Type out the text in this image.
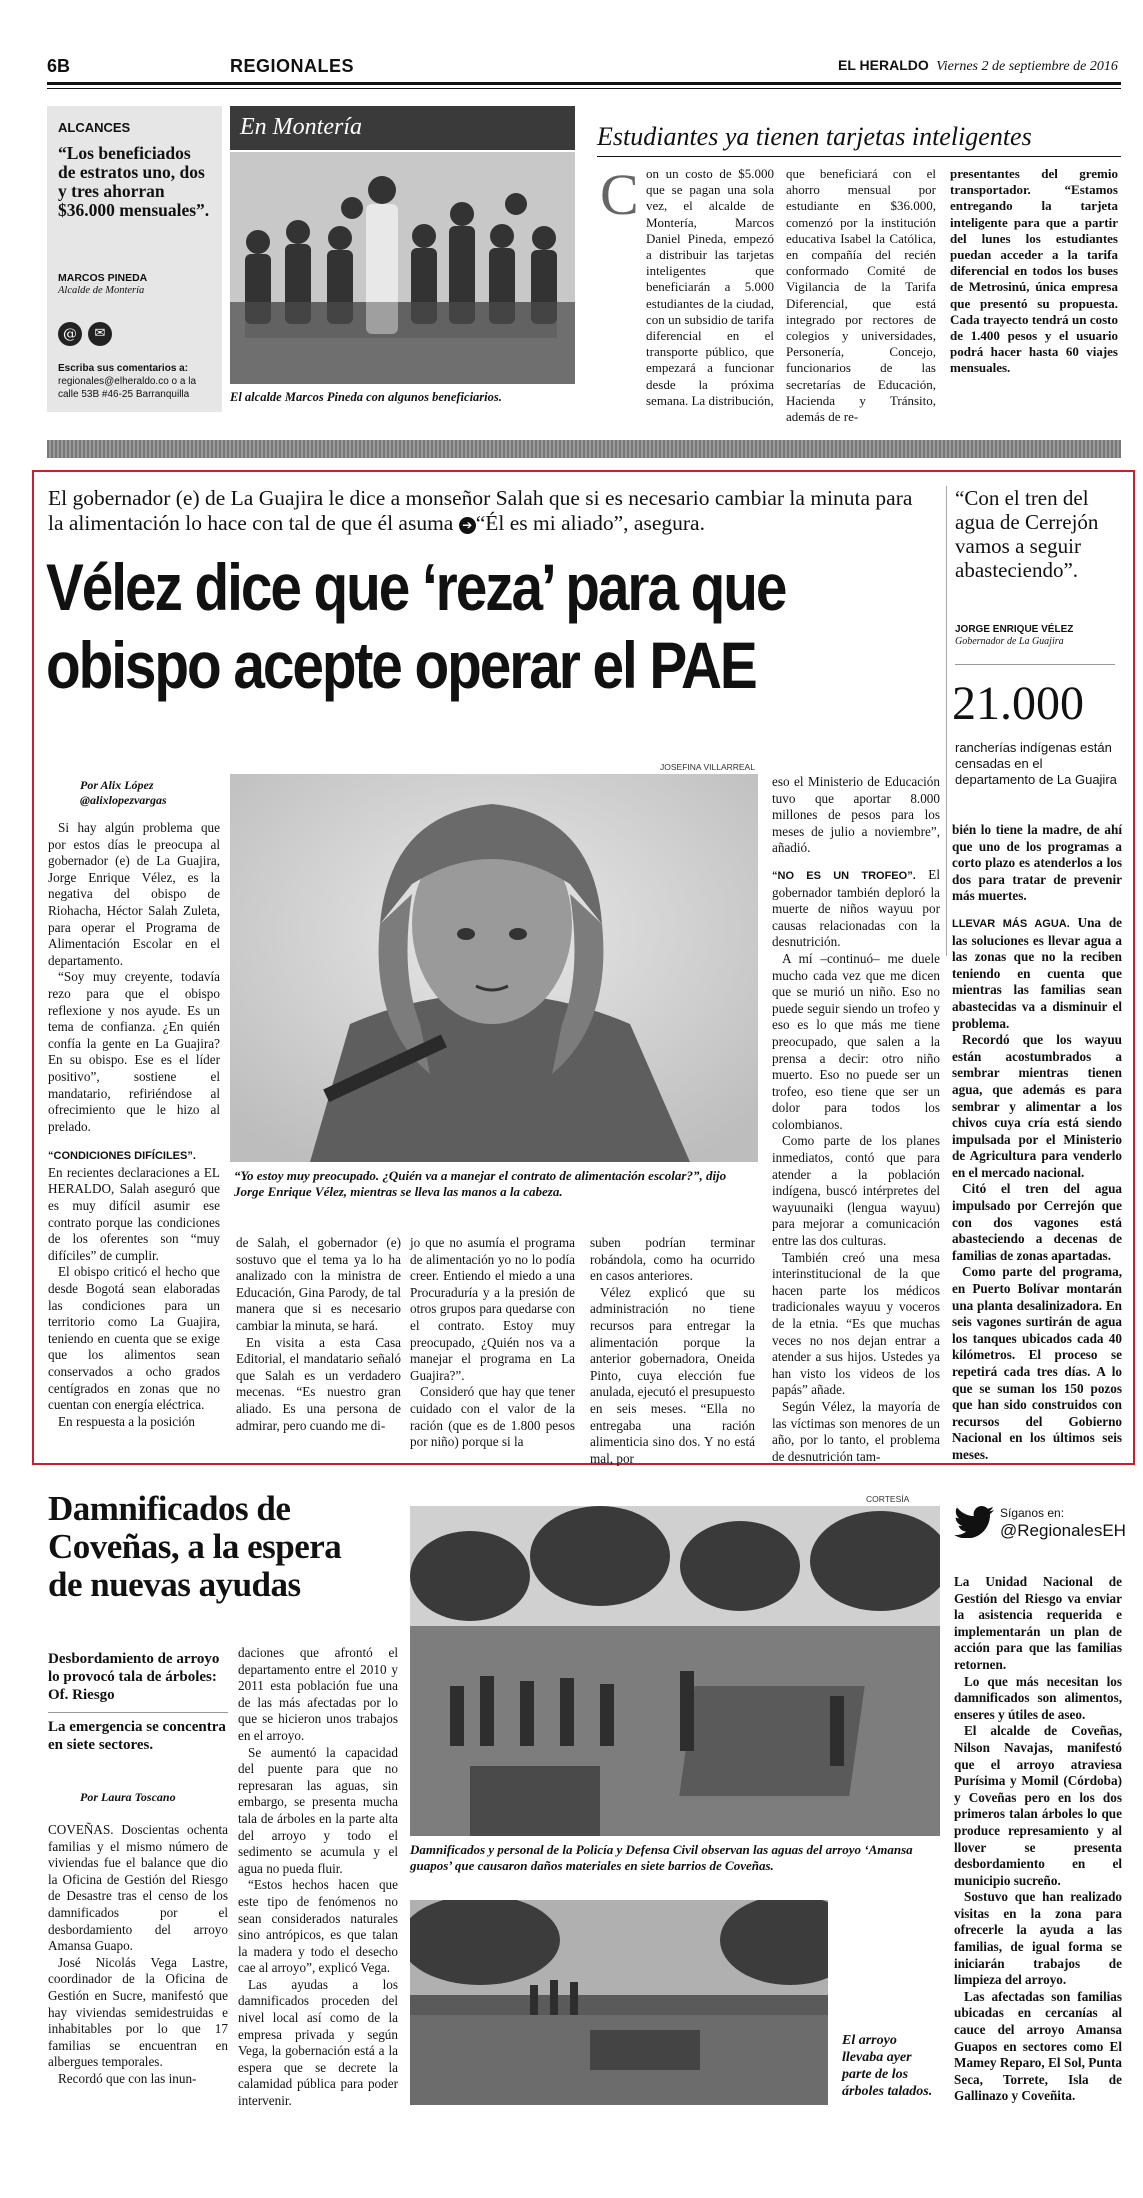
6B	REGIONALES	EL HERALDO Viernes 2 de septiembre de 2016
ALCANCES
“Los beneficiados de estratos uno, dos y tres ahorran $36.000 mensuales”.
MARCOS PINEDA
Alcalde de Montería
@	✉
Escriba sus comentarios a:
regionales@elheraldo.co o a la
calle 53B #46-25 Barranquilla
En Montería
El alcalde Marcos Pineda con algunos beneficiarios.
Estudiantes ya tienen tarjetas inteligentes
C on un costo de $5.000 que se pagan una sola vez, el alcalde de Montería, Marcos Daniel Pineda, empezó a distribuir las tarjetas inteligentes que beneficiarán a 5.000 estudiantes de la ciudad, con un subsidio de tarifa diferencial en el transporte público, que empezará a funcionar desde la próxima semana. La distribución,
que beneficiará con el ahorro mensual por estudiante en $36.000, comenzó por la institución educativa Isabel la Católica, en compañía del recién conformado Comité de Vigilancia de la Tarifa Diferencial, que está integrado por rectores de colegios y universidades, Personería, Concejo, funcionarios de las secretarías de Educación, Hacienda y Tránsito, además de re-
presentantes del gremio transportador. “Estamos entregando la tarjeta inteligente para que a partir del lunes los estudiantes puedan acceder a la tarifa diferencial en todos los buses de Metrosinú, única empresa que presentó su propuesta. Cada trayecto tendrá un costo de 1.400 pesos y el usuario podrá hacer hasta 60 viajes mensuales.
El gobernador (e) de La Guajira le dice a monseñor Salah que si es necesario cambiar la minuta para la alimentación lo hace con tal de que él asuma ➔ “Él es mi aliado”, asegura.
Vélez dice que ‘reza’ para que
obispo acepte operar el PAE
“Con el tren del agua de Cerrejón vamos a seguir abasteciendo”.
JORGE ENRIQUE VÉLEZ
Gobernador de La Guajira
21.000
rancherías indígenas están censadas en el departamento de La Guajira
Por Alix López
@alixlopezvargas
JOSEFINA VILLARREAL
“Yo estoy muy preocupado. ¿Quién va a manejar el contrato de alimentación escolar?”, dijo Jorge Enrique Vélez, mientras se lleva las manos a la cabeza.

Si hay algún problema que por estos días le preocupa al gobernador (e) de La Guajira, Jorge Enrique Vélez, es la negativa del obispo de Riohacha, Héctor Salah Zuleta, para operar el Programa de Alimentación Escolar en el departamento.

“Soy muy creyente, todavía rezo para que el obispo reflexione y nos ayude. Es un tema de confianza. ¿En quién confía la gente en La Guajira? En su obispo. Ese es el líder positivo”, sostiene el mandatario, refiriéndose al ofrecimiento que le hizo al prelado.

“CONDICIONES DIFÍCILES”.

En recientes declaraciones a EL HERALDO, Salah aseguró que es muy difícil asumir ese contrato porque las condiciones de los oferentes son “muy difíciles” de cumplir.

El obispo criticó el hecho que desde Bogotá sean elaboradas las condiciones para un territorio como La Guajira, teniendo en cuenta que se exige que los alimentos sean conservados a ocho grados centígrados en zonas que no cuentan con energía eléctrica.

En respuesta a la posición

de Salah, el gobernador (e) sostuvo que el tema ya lo ha analizado con la ministra de Educación, Gina Parody, de tal manera que si es necesario cambiar la minuta, se hará.

En visita a esta Casa Editorial, el mandatario señaló que Salah es un verdadero mecenas. “Es nuestro gran aliado. Es una persona de admirar, pero cuando me di-

jo que no asumía el programa de alimentación yo no lo podía creer. Entiendo el miedo a una Procuraduría y a la presión de otros grupos para quedarse con el contrato. Estoy muy preocupado, ¿Quién nos va a manejar el programa en La Guajira?”.

Consideró que hay que tener cuidado con el valor de la ración (que es de 1.800 pesos por niño) porque si la

suben podrían terminar robándola, como ha ocurrido en casos anteriores.

Vélez explicó que su administración no tiene recursos para entregar la alimentación porque la anterior gobernadora, Oneida Pinto, cuya elección fue anulada, ejecutó el presupuesto en seis meses. “Ella no entregaba una ración alimenticia sino dos. Y no está mal, por

eso el Ministerio de Educación tuvo que aportar 8.000 millones de pesos para los meses de julio a noviembre”, añadió.

“NO ES UN TROFEO”. El gobernador también deploró la muerte de niños wayuu por causas relacionadas con la desnutrición.

A mí –continuó– me duele mucho cada vez que me dicen que se murió un niño. Eso no puede seguir siendo un trofeo y eso es lo que más me tiene preocupado, que salen a la prensa a decir: otro niño muerto. Eso no puede ser un trofeo, eso tiene que ser un dolor para todos los colombianos.

Como parte de los planes inmediatos, contó que para atender a la población indígena, buscó intérpretes del wayuunaiki (lengua wayuu) para mejorar a comunicación entre las dos culturas.

También creó una mesa interinstitucional de la que hacen parte los médicos tradicionales wayuu y voceros de la etnia. “Es que muchas veces no nos dejan entrar a atender a sus hijos. Ustedes ya han visto los videos de los papás” añade.

Según Vélez, la mayoría de las víctimas son menores de un año, por lo tanto, el problema de desnutrición tam-

bién lo tiene la madre, de ahí que uno de los programas a corto plazo es atenderlos a los dos para tratar de prevenir más muertes.

LLEVAR MÁS AGUA. Una de las soluciones es llevar agua a las zonas que no la reciben teniendo en cuenta que mientras las familias sean abastecidas va a disminuir el problema.

Recordó que los wayuu están acostumbrados a sembrar mientras tienen agua, que además es para sembrar y alimentar a los chivos cuya cría está siendo impulsada por el Ministerio de Agricultura para venderlo en el mercado nacional.

Citó el tren del agua impulsado por Cerrejón que con dos vagones está abasteciendo a decenas de familias de zonas apartadas.

Como parte del programa, en Puerto Bolívar montarán una planta desalinizadora. En seis vagones surtirán de agua los tanques ubicados cada 40 kilómetros. El proceso se repetirá cada tres días. A lo que se suman los 150 pozos que han sido construidos con recursos del Gobierno Nacional en los últimos seis meses.

Damnificados de
Coveñas, a la espera
de nuevas ayudas
Desbordamiento de arroyo lo provocó tala de árboles: Of. Riesgo
La emergencia se concentra en siete sectores.
Por Laura Toscano

COVEÑAS. Doscientas ochenta familias y el mismo número de viviendas fue el balance que dio la Oficina de Gestión del Riesgo de Desastre tras el censo de los damnificados por el desbordamiento del arroyo Amansa Guapo.

José Nicolás Vega Lastre, coordinador de la Oficina de Gestión en Sucre, manifestó que hay viviendas semidestruidas e inhabitables por lo que 17 familias se encuentran en albergues temporales.

Recordó que con las inun-

daciones que afrontó el departamento entre el 2010 y 2011 esta población fue una de las más afectadas por lo que se hicieron unos trabajos en el arroyo.

Se aumentó la capacidad del puente para que no represaran las aguas, sin embargo, se presenta mucha tala de árboles en la parte alta del arroyo y todo el sedimento se acumula y el agua no pueda fluir.

“Estos hechos hacen que este tipo de fenómenos no sean considerados naturales sino antrópicos, es que talan la madera y todo el desecho cae al arroyo”, explicó Vega.

Las ayudas a los damnificados proceden del nivel local así como de la empresa privada y según Vega, la gobernación está a la espera que se decrete la calamidad pública para poder intervenir.

CORTESÍA
Damnificados y personal de la Policía y Defensa Civil observan las aguas del arroyo ‘Amansa guapos’ que causaron daños materiales en siete barrios de Coveñas.
El arroyo llevaba ayer parte de los árboles talados.
Síganos en:
@RegionalesEH

La Unidad Nacional de Gestión del Riesgo va enviar la asistencia requerida e implementarán un plan de acción para que las familias retornen.

Lo que más necesitan los damnificados son alimentos, enseres y útiles de aseo.

El alcalde de Coveñas, Nilson Navajas, manifestó que el arroyo atraviesa Purísima y Momil (Córdoba) y Coveñas pero en los dos primeros talan árboles lo que produce represamiento y al llover se presenta desbordamiento en el municipio sucreño.

Sostuvo que han realizado visitas en la zona para ofrecerle la ayuda a las familias, de igual forma se iniciarán trabajos de limpieza del arroyo.

Las afectadas son familias ubicadas en cercanías al cauce del arroyo Amansa Guapos en sectores como El Mamey Reparo, El Sol, Punta Seca, Torrete, Isla de Gallinazo y Coveñita.
